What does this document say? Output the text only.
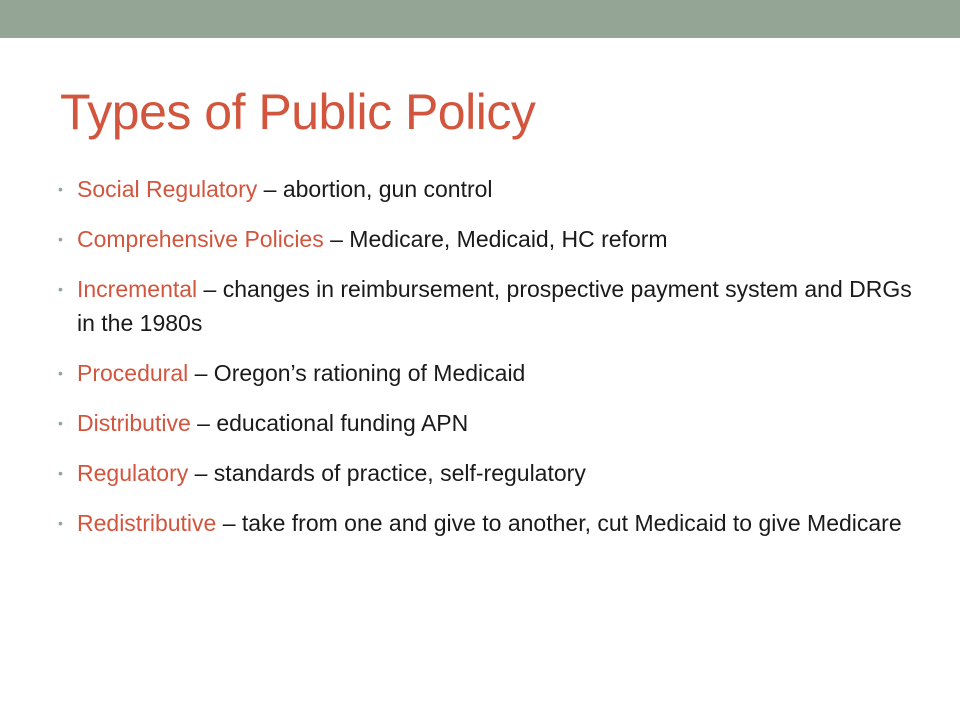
Types of Public Policy
• Social Regulatory – abortion, gun control
• Comprehensive Policies – Medicare, Medicaid, HC reform
• Incremental – changes in reimbursement, prospective payment system and DRGs in the 1980s
• Procedural – Oregon’s rationing of Medicaid
• Distributive – educational funding APN
• Regulatory – standards of practice, self-regulatory
• Redistributive – take from one and give to another, cut Medicaid to give Medicare
